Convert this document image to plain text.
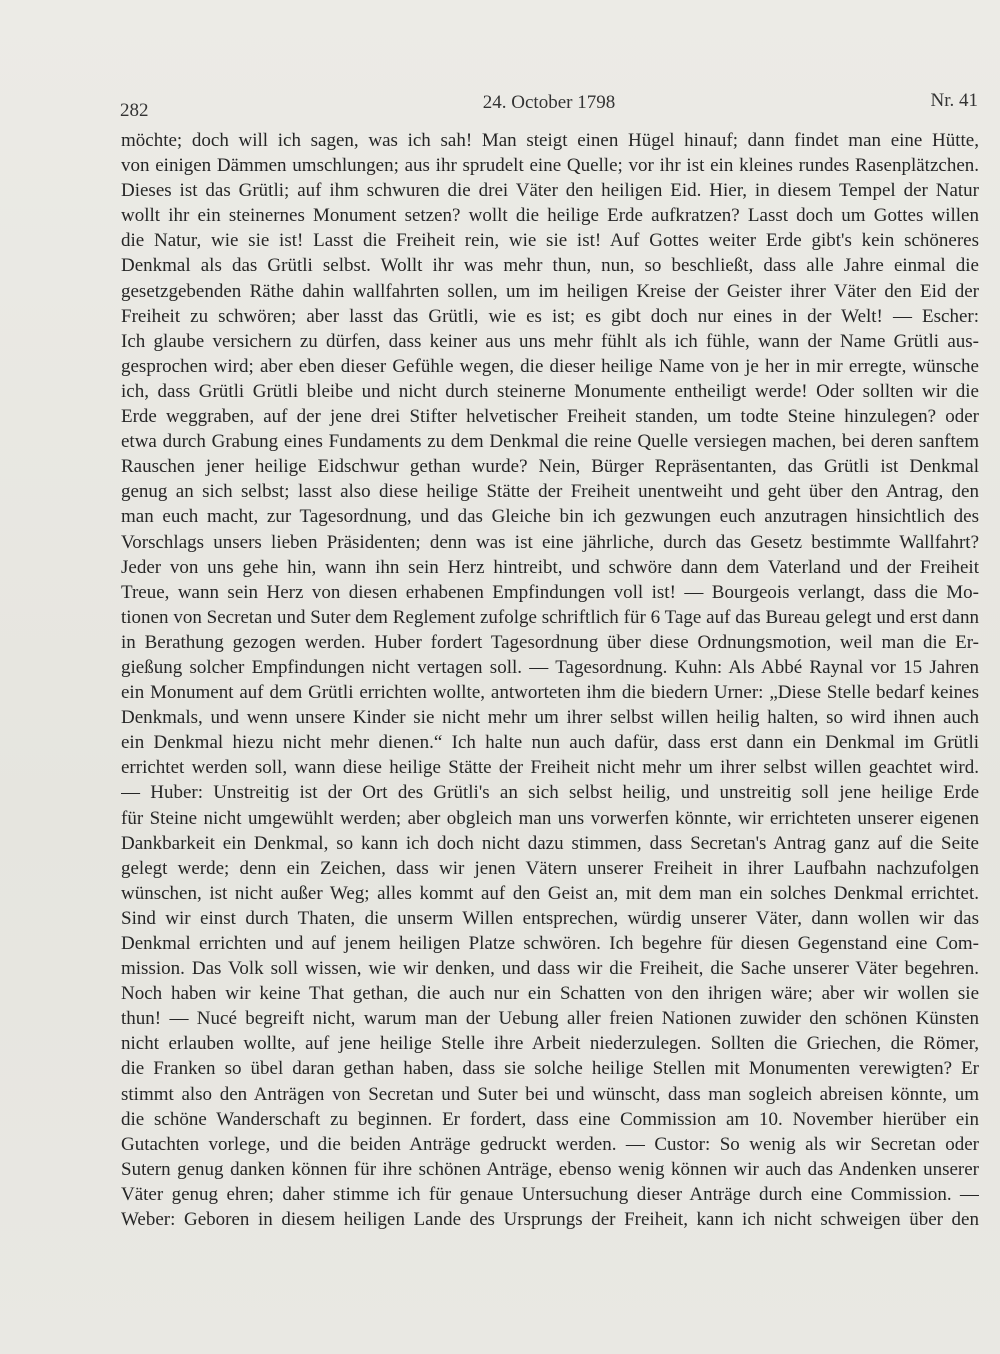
282	24. October 1798	Nr. 41
möchte; doch will ich sagen, was ich sah! Man steigt einen Hügel hinauf; dann findet man eine Hütte,
von einigen Dämmen umschlungen; aus ihr sprudelt eine Quelle; vor ihr ist ein kleines rundes Rasenplätzchen.
Dieses ist das Grütli; auf ihm schwuren die drei Väter den heiligen Eid. Hier, in diesem Tempel der Natur
wollt ihr ein steinernes Monument setzen? wollt die heilige Erde aufkratzen? Lasst doch um Gottes willen
die Natur, wie sie ist! Lasst die Freiheit rein, wie sie ist! Auf Gottes weiter Erde gibt's kein schöneres
Denkmal als das Grütli selbst. Wollt ihr was mehr thun, nun, so beschließt, dass alle Jahre einmal die
gesetzgebenden Räthe dahin wallfahrten sollen, um im heiligen Kreise der Geister ihrer Väter den Eid der
Freiheit zu schwören; aber lasst das Grütli, wie es ist; es gibt doch nur eines in der Welt! — Escher:
Ich glaube versichern zu dürfen, dass keiner aus uns mehr fühlt als ich fühle, wann der Name Grütli aus-
gesprochen wird; aber eben dieser Gefühle wegen, die dieser heilige Name von je her in mir erregte, wünsche
ich, dass Grütli Grütli bleibe und nicht durch steinerne Monumente entheiligt werde! Oder sollten wir die
Erde weggraben, auf der jene drei Stifter helvetischer Freiheit standen, um todte Steine hinzulegen? oder
etwa durch Grabung eines Fundaments zu dem Denkmal die reine Quelle versiegen machen, bei deren sanftem
Rauschen jener heilige Eidschwur gethan wurde? Nein, Bürger Repräsentanten, das Grütli ist Denkmal
genug an sich selbst; lasst also diese heilige Stätte der Freiheit unentweiht und geht über den Antrag, den
man euch macht, zur Tagesordnung, und das Gleiche bin ich gezwungen euch anzutragen hinsichtlich des
Vorschlags unsers lieben Präsidenten; denn was ist eine jährliche, durch das Gesetz bestimmte Wallfahrt?
Jeder von uns gehe hin, wann ihn sein Herz hintreibt, und schwöre dann dem Vaterland und der Freiheit
Treue, wann sein Herz von diesen erhabenen Empfindungen voll ist! — Bourgeois verlangt, dass die Mo-
tionen von Secretan und Suter dem Reglement zufolge schriftlich für 6 Tage auf das Bureau gelegt und erst dann
in Berathung gezogen werden. Huber fordert Tagesordnung über diese Ordnungsmotion, weil man die Er-
gießung solcher Empfindungen nicht vertagen soll. — Tagesordnung. Kuhn: Als Abbé Raynal vor 15 Jahren
ein Monument auf dem Grütli errichten wollte, antworteten ihm die biedern Urner: „Diese Stelle bedarf keines
Denkmals, und wenn unsere Kinder sie nicht mehr um ihrer selbst willen heilig halten, so wird ihnen auch
ein Denkmal hiezu nicht mehr dienen.“ Ich halte nun auch dafür, dass erst dann ein Denkmal im Grütli
errichtet werden soll, wann diese heilige Stätte der Freiheit nicht mehr um ihrer selbst willen geachtet wird.
— Huber: Unstreitig ist der Ort des Grütli's an sich selbst heilig, und unstreitig soll jene heilige Erde
für Steine nicht umgewühlt werden; aber obgleich man uns vorwerfen könnte, wir errichteten unserer eigenen
Dankbarkeit ein Denkmal, so kann ich doch nicht dazu stimmen, dass Secretan's Antrag ganz auf die Seite
gelegt werde; denn ein Zeichen, dass wir jenen Vätern unserer Freiheit in ihrer Laufbahn nachzufolgen
wünschen, ist nicht außer Weg; alles kommt auf den Geist an, mit dem man ein solches Denkmal errichtet.
Sind wir einst durch Thaten, die unserm Willen entsprechen, würdig unserer Väter, dann wollen wir das
Denkmal errichten und auf jenem heiligen Platze schwören. Ich begehre für diesen Gegenstand eine Com-
mission. Das Volk soll wissen, wie wir denken, und dass wir die Freiheit, die Sache unserer Väter begehren.
Noch haben wir keine That gethan, die auch nur ein Schatten von den ihrigen wäre; aber wir wollen sie
thun! — Nucé begreift nicht, warum man der Uebung aller freien Nationen zuwider den schönen Künsten
nicht erlauben wollte, auf jene heilige Stelle ihre Arbeit niederzulegen. Sollten die Griechen, die Römer,
die Franken so übel daran gethan haben, dass sie solche heilige Stellen mit Monumenten verewigten? Er
stimmt also den Anträgen von Secretan und Suter bei und wünscht, dass man sogleich abreisen könnte, um
die schöne Wanderschaft zu beginnen. Er fordert, dass eine Commission am 10. November hierüber ein
Gutachten vorlege, und die beiden Anträge gedruckt werden. — Custor: So wenig als wir Secretan oder
Sutern genug danken können für ihre schönen Anträge, ebenso wenig können wir auch das Andenken unserer
Väter genug ehren; daher stimme ich für genaue Untersuchung dieser Anträge durch eine Commission. —
Weber: Geboren in diesem heiligen Lande des Ursprungs der Freiheit, kann ich nicht schweigen über den
